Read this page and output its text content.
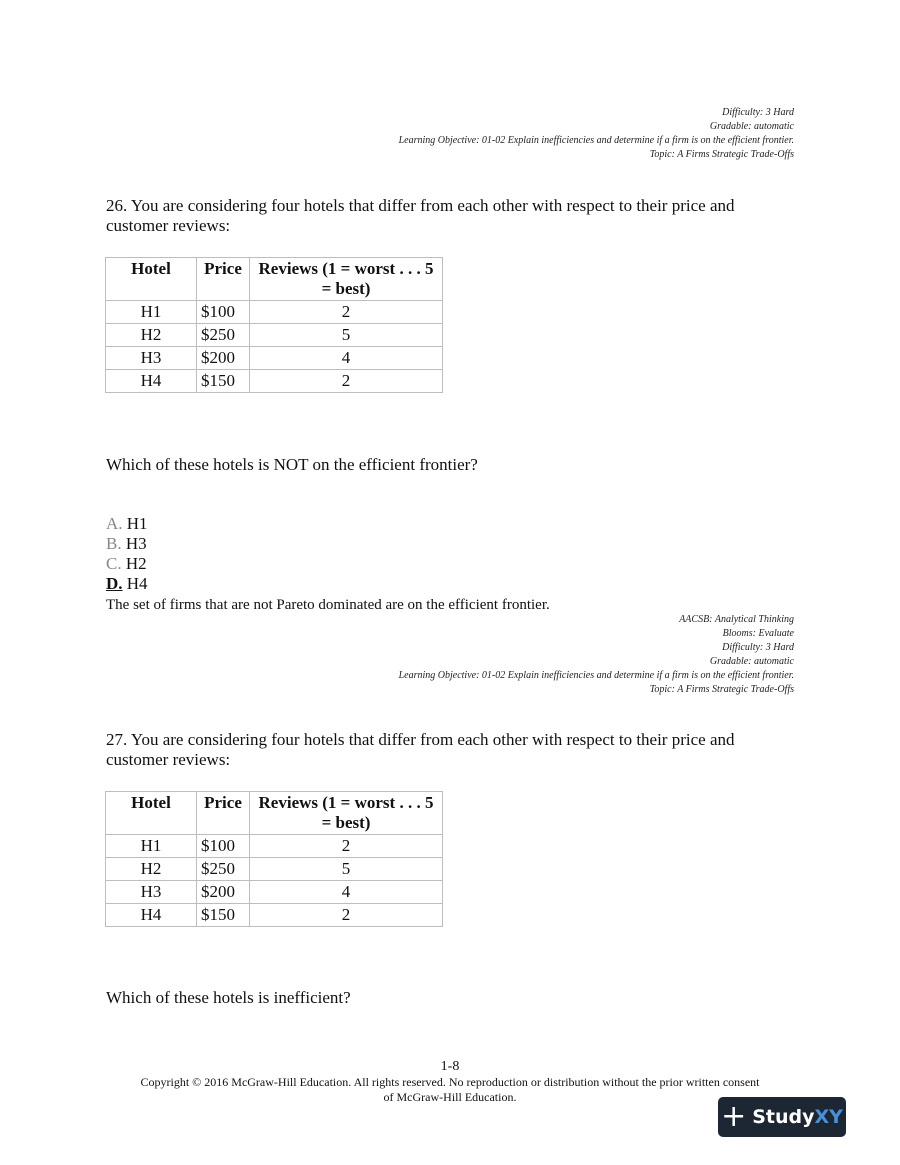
Difficulty: 3 Hard
Gradable: automatic
Learning Objective: 01-02 Explain inefficiencies and determine if a firm is on the efficient frontier.
Topic: A Firms Strategic Trade-Offs
26. You are considering four hotels that differ from each other with respect to their price and customer reviews:
Hotel	Price	Reviews (1 = worst . . . 5 = best)
H1	$100	2
H2	$250	5
H3	$200	4
H4	$150	2
Which of these hotels is NOT on the efficient frontier?
A. H1
B. H3
C. H2
D. H4
The set of firms that are not Pareto dominated are on the efficient frontier.
AACSB: Analytical Thinking
Blooms: Evaluate
Difficulty: 3 Hard
Gradable: automatic
Learning Objective: 01-02 Explain inefficiencies and determine if a firm is on the efficient frontier.
Topic: A Firms Strategic Trade-Offs
27. You are considering four hotels that differ from each other with respect to their price and customer reviews:
Hotel	Price	Reviews (1 = worst . . . 5 = best)
H1	$100	2
H2	$250	5
H3	$200	4
H4	$150	2
Which of these hotels is inefficient?
1-8
Copyright © 2016 McGraw-Hill Education. All rights reserved. No reproduction or distribution without the prior written consent
of McGraw-Hill Education.
+ Study XY
